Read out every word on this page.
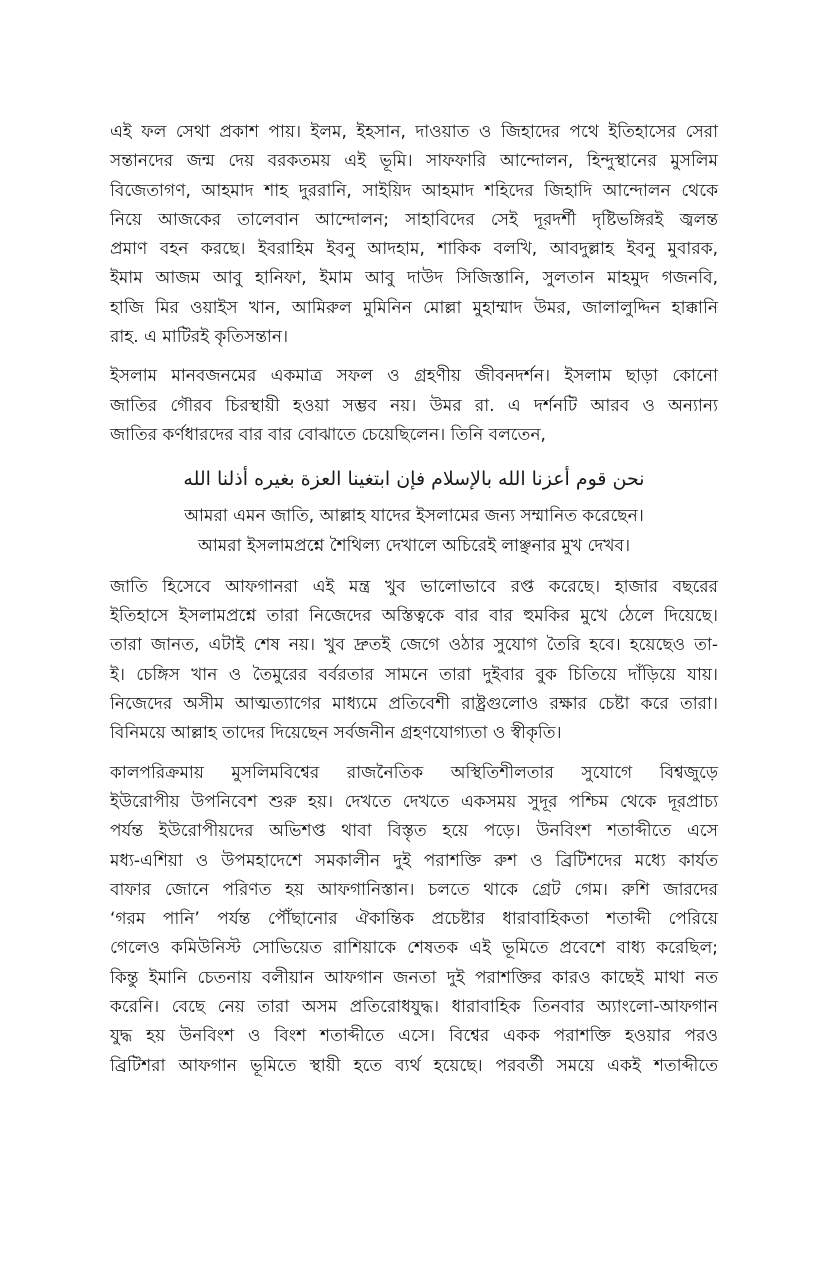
এই ফল সেথা প্রকাশ পায়। ইলম, ইহসান, দাওয়াত ও জিহাদের পথে ইতিহাসের সেরা
সন্তানদের জন্ম দেয় বরকতময় এই ভূমি। সাফফারি আন্দোলন, হিন্দুস্থানের মুসলিম
বিজেতাগণ, আহমাদ শাহ দুররানি, সাইয়িদ আহমাদ শহিদের জিহাদি আন্দোলন থেকে
নিয়ে আজকের তালেবান আন্দোলন; সাহাবিদের সেই দূরদর্শী দৃষ্টিভঙ্গিরই জ্বলন্ত
প্রমাণ বহন করছে। ইবরাহিম ইবনু আদহাম, শাকিক বলখি, আবদুল্লাহ ইবনু মুবারক,
ইমাম আজম আবু হানিফা, ইমাম আবু দাউদ সিজিস্তানি, সুলতান মাহমুদ গজনবি,
হাজি মির ওয়াইস খান, আমিরুল মুমিনিন মোল্লা মুহাম্মাদ উমর, জালালুদ্দিন হাক্কানি
রাহ. এ মাটিরই কৃতিসন্তান।

ইসলাম মানবজনমের একমাত্র সফল ও গ্রহণীয় জীবনদর্শন। ইসলাম ছাড়া কোনো
জাতির গৌরব চিরস্থায়ী হওয়া সম্ভব নয়। উমর রা. এ দর্শনটি আরব ও অন্যান্য
জাতির কর্ণধারদের বার বার বোঝাতে চেয়েছিলেন। তিনি বলতেন,

نحن قوم أعزنا الله بالإسلام فإن ابتغينا العزة بغيره أذلنا الله
আমরা এমন জাতি, আল্লাহ যাদের ইসলামের জন্য সম্মানিত করেছেন।
আমরা ইসলামপ্রশ্নে শৈথিল্য দেখালে অচিরেই লাঞ্ছনার মুখ দেখব।

জাতি হিসেবে আফগানরা এই মন্ত্র খুব ভালোভাবে রপ্ত করেছে। হাজার বছরের
ইতিহাসে ইসলামপ্রশ্নে তারা নিজেদের অস্তিত্বকে বার বার হুমকির মুখে ঠেলে দিয়েছে।
তারা জানত, এটাই শেষ নয়। খুব দ্রুতই জেগে ওঠার সুযোগ তৈরি হবে। হয়েছেও তা-
ই। চেঙ্গিস খান ও তৈমুরের বর্বরতার সামনে তারা দুইবার বুক চিতিয়ে দাঁড়িয়ে যায়।
নিজেদের অসীম আত্মত্যাগের মাধ্যমে প্রতিবেশী রাষ্ট্রগুলোও রক্ষার চেষ্টা করে তারা।
বিনিময়ে আল্লাহ তাদের দিয়েছেন সর্বজনীন গ্রহণযোগ্যতা ও স্বীকৃতি।

কালপরিক্রমায় মুসলিমবিশ্বের রাজনৈতিক অস্থিতিশীলতার সুযোগে বিশ্বজুড়ে
ইউরোপীয় উপনিবেশ শুরু হয়। দেখতে দেখতে একসময় সুদূর পশ্চিম থেকে দূরপ্রাচ্য
পর্যন্ত ইউরোপীয়দের অভিশপ্ত থাবা বিস্তৃত হয়ে পড়ে। উনবিংশ শতাব্দীতে এসে
মধ্য-এশিয়া ও উপমহাদেশে সমকালীন দুই পরাশক্তি রুশ ও ব্রিটিশদের মধ্যে কার্যত
বাফার জোনে পরিণত হয় আফগানিস্তান। চলতে থাকে গ্রেট গেম। রুশি জারদের
‘গরম পানি’ পর্যন্ত পৌঁছানোর ঐকান্তিক প্রচেষ্টার ধারাবাহিকতা শতাব্দী পেরিয়ে
গেলেও কমিউনিস্ট সোভিয়েত রাশিয়াকে শেষতক এই ভূমিতে প্রবেশে বাধ্য করেছিল;
কিন্তু ইমানি চেতনায় বলীয়ান আফগান জনতা দুই পরাশক্তির কারও কাছেই মাথা নত
করেনি। বেছে নেয় তারা অসম প্রতিরোধযুদ্ধ। ধারাবাহিক তিনবার অ্যাংলো-আফগান
যুদ্ধ হয় উনবিংশ ও বিংশ শতাব্দীতে এসে। বিশ্বের একক পরাশক্তি হওয়ার পরও
ব্রিটিশরা আফগান ভূমিতে স্থায়ী হতে ব্যর্থ হয়েছে। পরবর্তী সময়ে একই শতাব্দীতে
